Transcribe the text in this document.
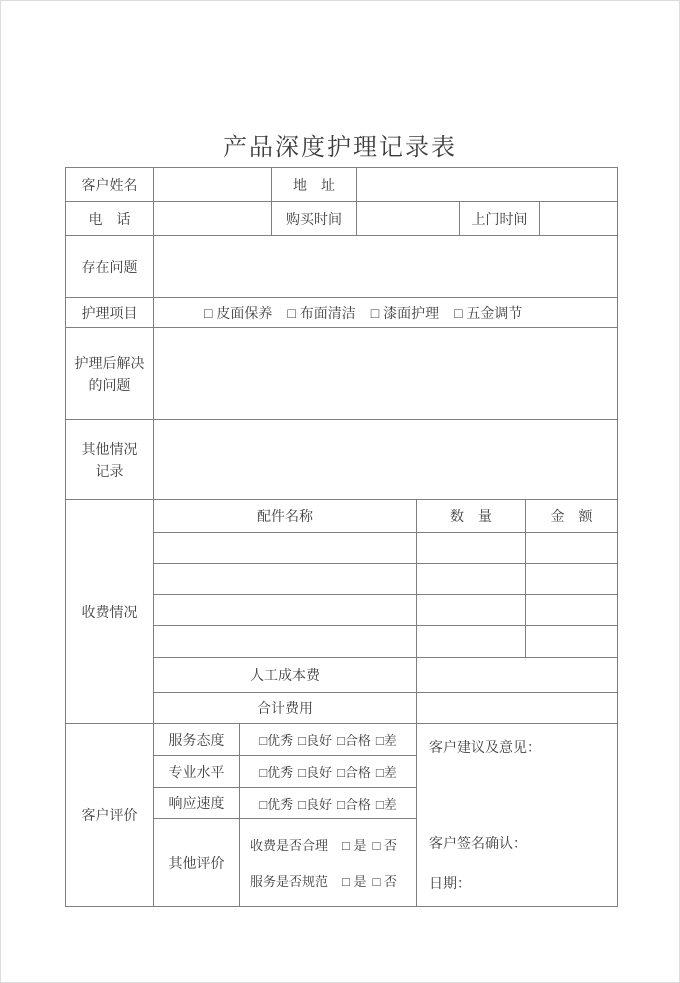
产品深度护理记录表
客户姓名	地　址
电　话	购买时间	上门时间
存在问题
护理项目	□ 皮面保养 □ 布面清洁 □ 漆面护理 □ 五金调节
护理后解决
的问题
其他情况
记录
收费情况
配件名称	数　量	金　额
人工成本费
合计费用
客户评价
服务态度	□优秀 □良好 □合格 □差
专业水平	□优秀 □良好 □合格 □差
响应速度	□优秀 □良好 □合格 □差
其他评价
收费是否合理 □ 是 □ 否
服务是否规范 □ 是 □ 否
客户建议及意见：
客户签名确认：
日期：
